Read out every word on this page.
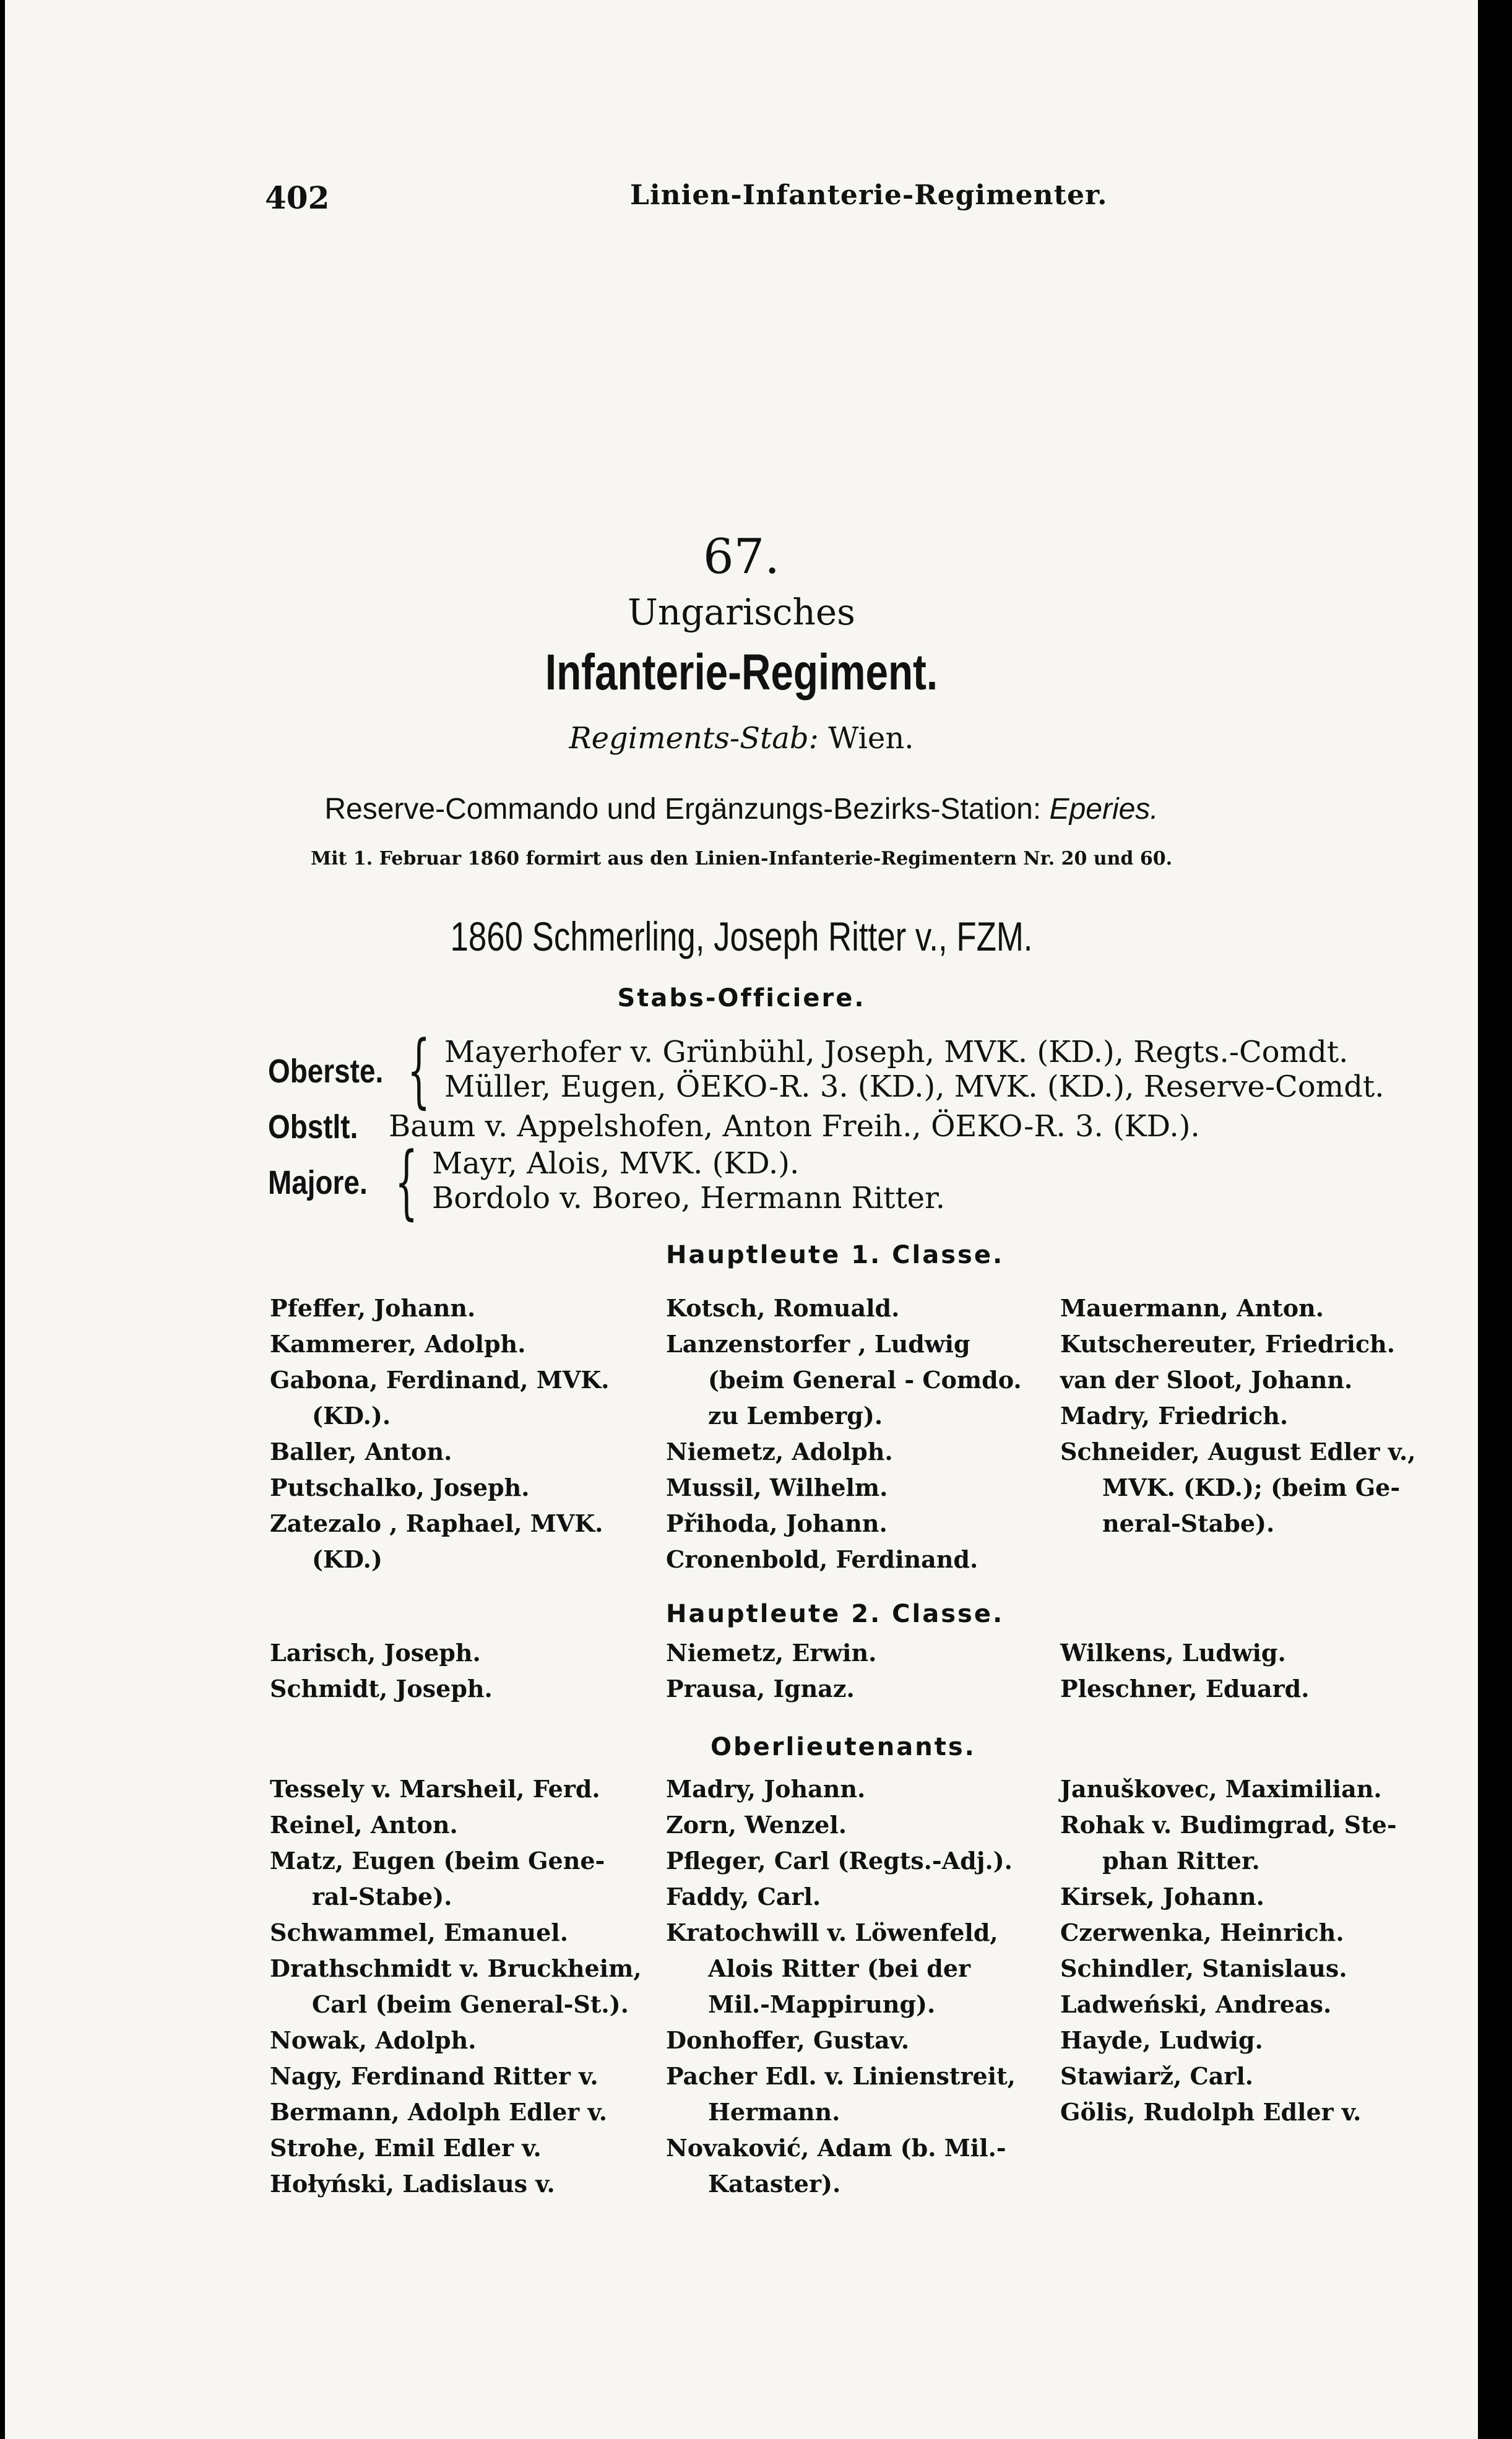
402	Linien-Infanterie-Regimenter.
67.
Ungarisches
Infanterie-Regiment.
Regiments-Stab: Wien.
Reserve-Commando und Ergänzungs-Bezirks-Station: Eperies.
Mit 1. Februar 1860 formirt aus den Linien-Infanterie-Regimentern Nr. 20 und 60.
1860 Schmerling, Joseph Ritter v., FZM.
Stabs-Officiere.
Oberste. { Mayerhofer v. Grünbühl, Joseph, MVK. (KD.), Regts.-Comdt.
Müller, Eugen, ÖEKO-R. 3. (KD.), MVK. (KD.), Reserve-Comdt.
Obstlt. Baum v. Appelshofen, Anton Freih., ÖEKO-R. 3. (KD.).
Majore. { Mayr, Alois, MVK. (KD.).
Bordolo v. Boreo, Hermann Ritter.
Hauptleute 1. Classe.
Pfeffer, Johann.
Kammerer, Adolph.
Gabona, Ferdinand, MVK.
(KD.).
Baller, Anton.
Putschalko, Joseph.
Zatezalo , Raphael, MVK.
(KD.)
Kotsch, Romuald.
Lanzenstorfer , Ludwig
(beim General - Comdo.
zu Lemberg).
Niemetz, Adolph.
Mussil, Wilhelm.
Přihoda, Johann.
Cronenbold, Ferdinand.
Mauermann, Anton.
Kutschereuter, Friedrich.
van der Sloot, Johann.
Madry, Friedrich.
Schneider, August Edler v.,
MVK. (KD.); (beim Ge-
neral-Stabe).
Hauptleute 2. Classe.
Larisch, Joseph.
Schmidt, Joseph.
Niemetz, Erwin.
Prausa, Ignaz.
Wilkens, Ludwig.
Pleschner, Eduard.
Oberlieutenants.
Tessely v. Marsheil, Ferd.
Reinel, Anton.
Matz, Eugen (beim Gene-
ral-Stabe).
Schwammel, Emanuel.
Drathschmidt v. Bruckheim,
Carl (beim General-St.).
Nowak, Adolph.
Nagy, Ferdinand Ritter v.
Bermann, Adolph Edler v.
Strohe, Emil Edler v.
Hołyński, Ladislaus v.
Madry, Johann.
Zorn, Wenzel.
Pfleger, Carl (Regts.-Adj.).
Faddy, Carl.
Kratochwill v. Löwenfeld,
Alois Ritter (bei der
Mil.-Mappirung).
Donhoffer, Gustav.
Pacher Edl. v. Linienstreit,
Hermann.
Novaković, Adam (b. Mil.-
Kataster).
Januškovec, Maximilian.
Rohak v. Budimgrad, Ste-
phan Ritter.
Kirsek, Johann.
Czerwenka, Heinrich.
Schindler, Stanislaus.
Ladweński, Andreas.
Hayde, Ludwig.
Stawiarž, Carl.
Gölis, Rudolph Edler v.
